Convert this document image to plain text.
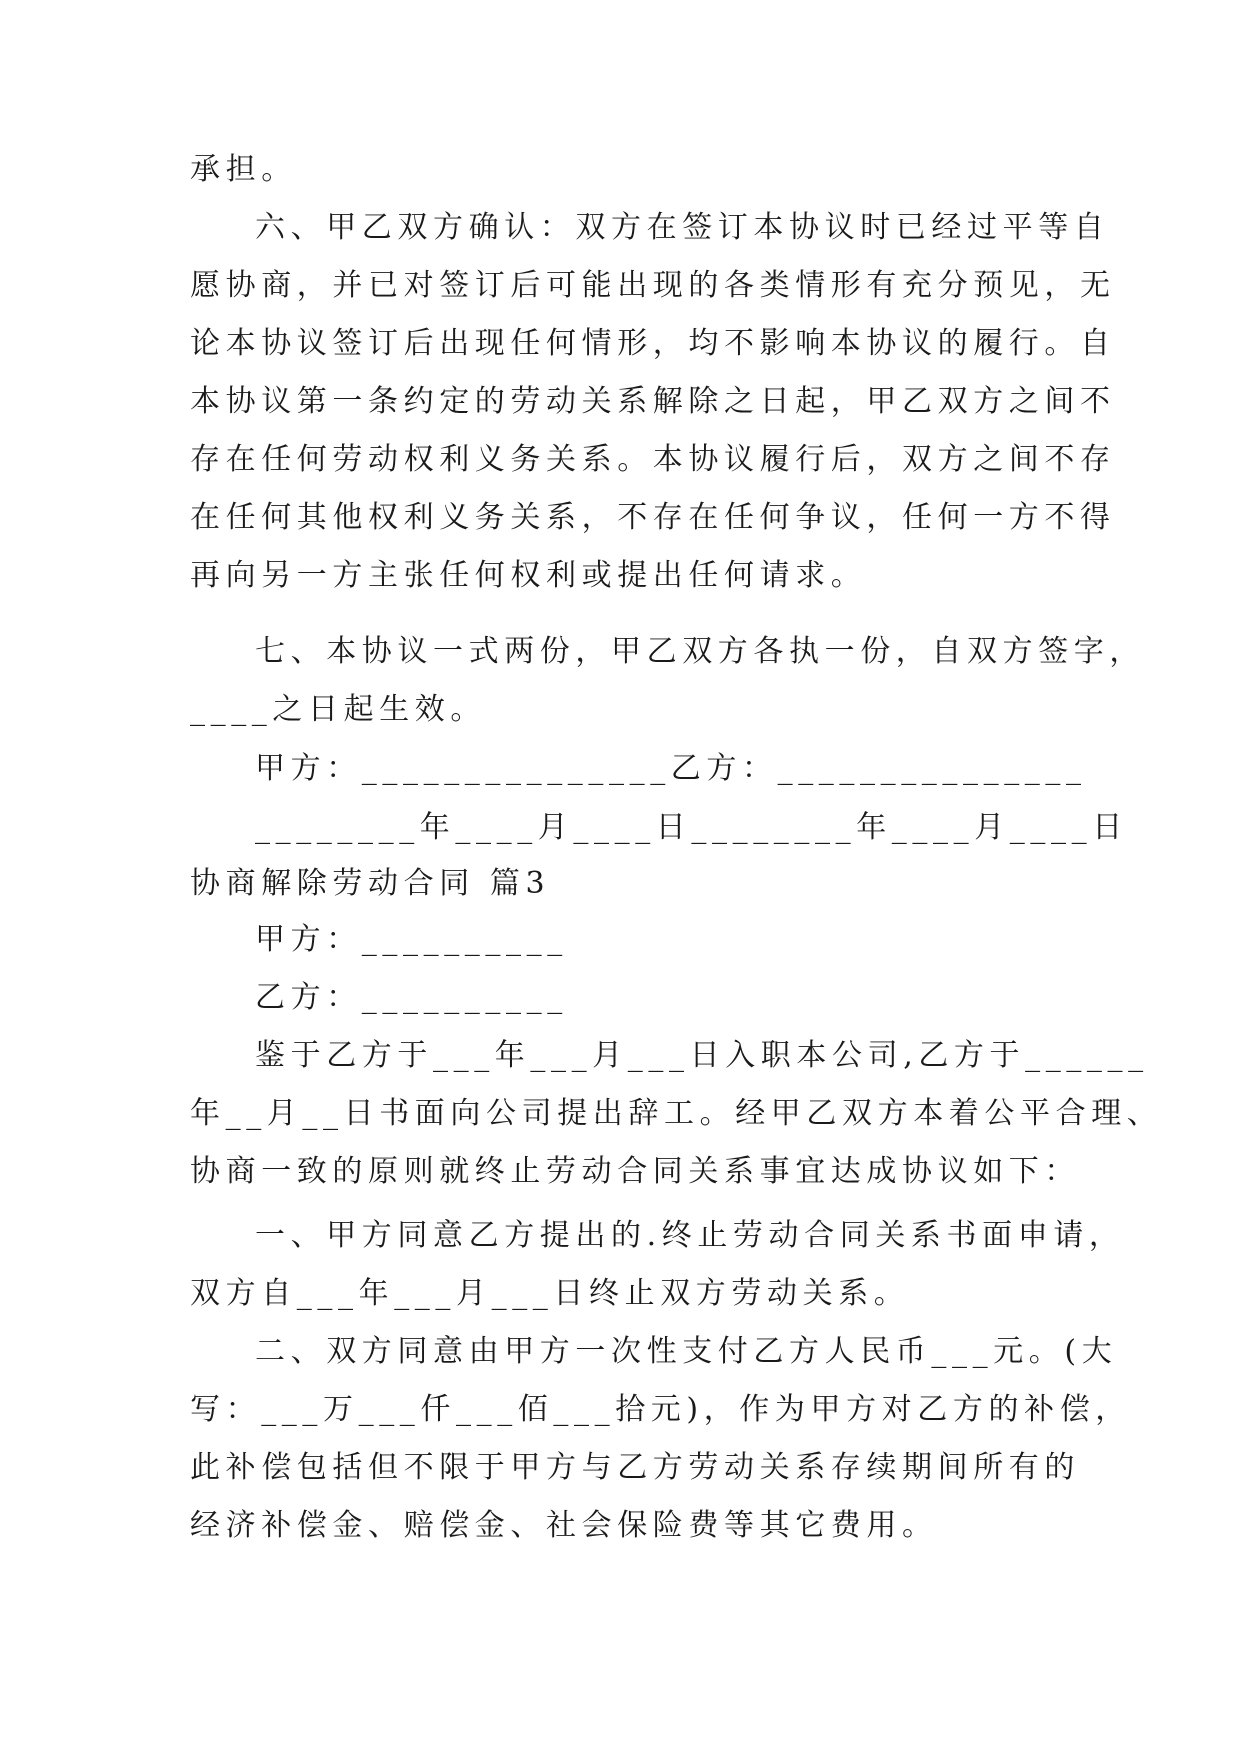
承担。

六、甲乙双方确认：双方在签订本协议时已经过平等自

愿协商，并已对签订后可能出现的各类情形有充分预见，无

论本协议签订后出现任何情形，均不影响本协议的履行。自

本协议第一条约定的劳动关系解除之日起，甲乙双方之间不

存在任何劳动权利义务关系。本协议履行后，双方之间不存

在任何其他权利义务关系，不存在任何争议，任何一方不得

再向另一方主张任何权利或提出任何请求。

七、本协议一式两份，甲乙双方各执一份，自双方签字，

____之日起生效。

甲方：_______________乙方：_______________

________年____月____日________年____月____日

协商解除劳动合同 篇3

甲方：__________

乙方：__________

鉴于乙方于___年___月___日入职本公司,乙方于______

年__月__日书面向公司提出辞工。经甲乙双方本着公平合理、

协商一致的原则就终止劳动合同关系事宜达成协议如下：

一、甲方同意乙方提出的.终止劳动合同关系书面申请，

双方自___年___月___日终止双方劳动关系。

二、双方同意由甲方一次性支付乙方人民币___元。(大

写：___万___仟___佰___拾元)，作为甲方对乙方的补偿，

此补偿包括但不限于甲方与乙方劳动关系存续期间所有的

经济补偿金、赔偿金、社会保险费等其它费用。
